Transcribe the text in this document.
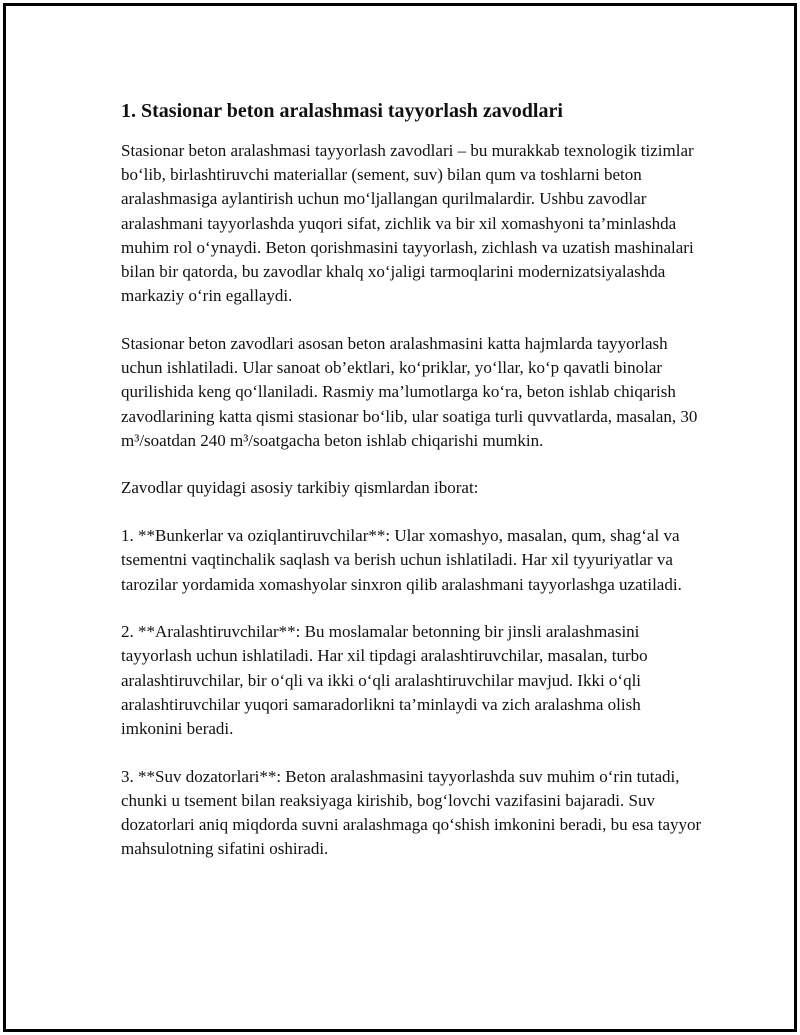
1. Stasionar beton aralashmasi tayyorlash zavodlari

Stasionar beton aralashmasi tayyorlash zavodlari – bu murakkab texnologik tizimlar bo‘lib, birlashtiruvchi materiallar (sement, suv) bilan qum va toshlarni beton aralashmasiga aylantirish uchun mo‘ljallangan qurilmalardir. Ushbu zavodlar aralashmani tayyorlashda yuqori sifat, zichlik va bir xil xomashyoni ta’minlashda muhim rol o‘ynaydi. Beton qorishmasini tayyorlash, zichlash va uzatish mashinalari bilan bir qatorda, bu zavodlar khalq xo‘jaligi tarmoqlarini modernizatsiyalashda markaziy o‘rin egallaydi.

Stasionar beton zavodlari asosan beton aralashmasini katta hajmlarda tayyorlash uchun ishlatiladi. Ular sanoat ob’ektlari, ko‘priklar, yo‘llar, ko‘p qavatli binolar qurilishida keng qo‘llaniladi. Rasmiy ma’lumotlarga ko‘ra, beton ishlab chiqarish zavodlarining katta qismi stasionar bo‘lib, ular soatiga turli quvvatlarda, masalan, 30 m³/soatdan 240 m³/soatgacha beton ishlab chiqarishi mumkin.

Zavodlar quyidagi asosiy tarkibiy qismlardan iborat:

1. **Bunkerlar va oziqlantiruvchilar**: Ular xomashyo, masalan, qum, shag‘al va tsementni vaqtinchalik saqlash va berish uchun ishlatiladi. Har xil tyyuriyatlar va tarozilar yordamida xomashyolar sinxron qilib aralashmani tayyorlashga uzatiladi.

2. **Aralashtiruvchilar**: Bu moslamalar betonning bir jinsli aralashmasini tayyorlash uchun ishlatiladi. Har xil tipdagi aralashtiruvchilar, masalan, turbo aralashtiruvchilar, bir o‘qli va ikki o‘qli aralashtiruvchilar mavjud. Ikki o‘qli aralashtiruvchilar yuqori samaradorlikni ta’minlaydi va zich aralashma olish imkonini beradi.

3. **Suv dozatorlari**: Beton aralashmasini tayyorlashda suv muhim o‘rin tutadi, chunki u tsement bilan reaksiyaga kirishib, bog‘lovchi vazifasini bajaradi. Suv dozatorlari aniq miqdorda suvni aralashmaga qo‘shish imkonini beradi, bu esa tayyor mahsulotning sifatini oshiradi.
